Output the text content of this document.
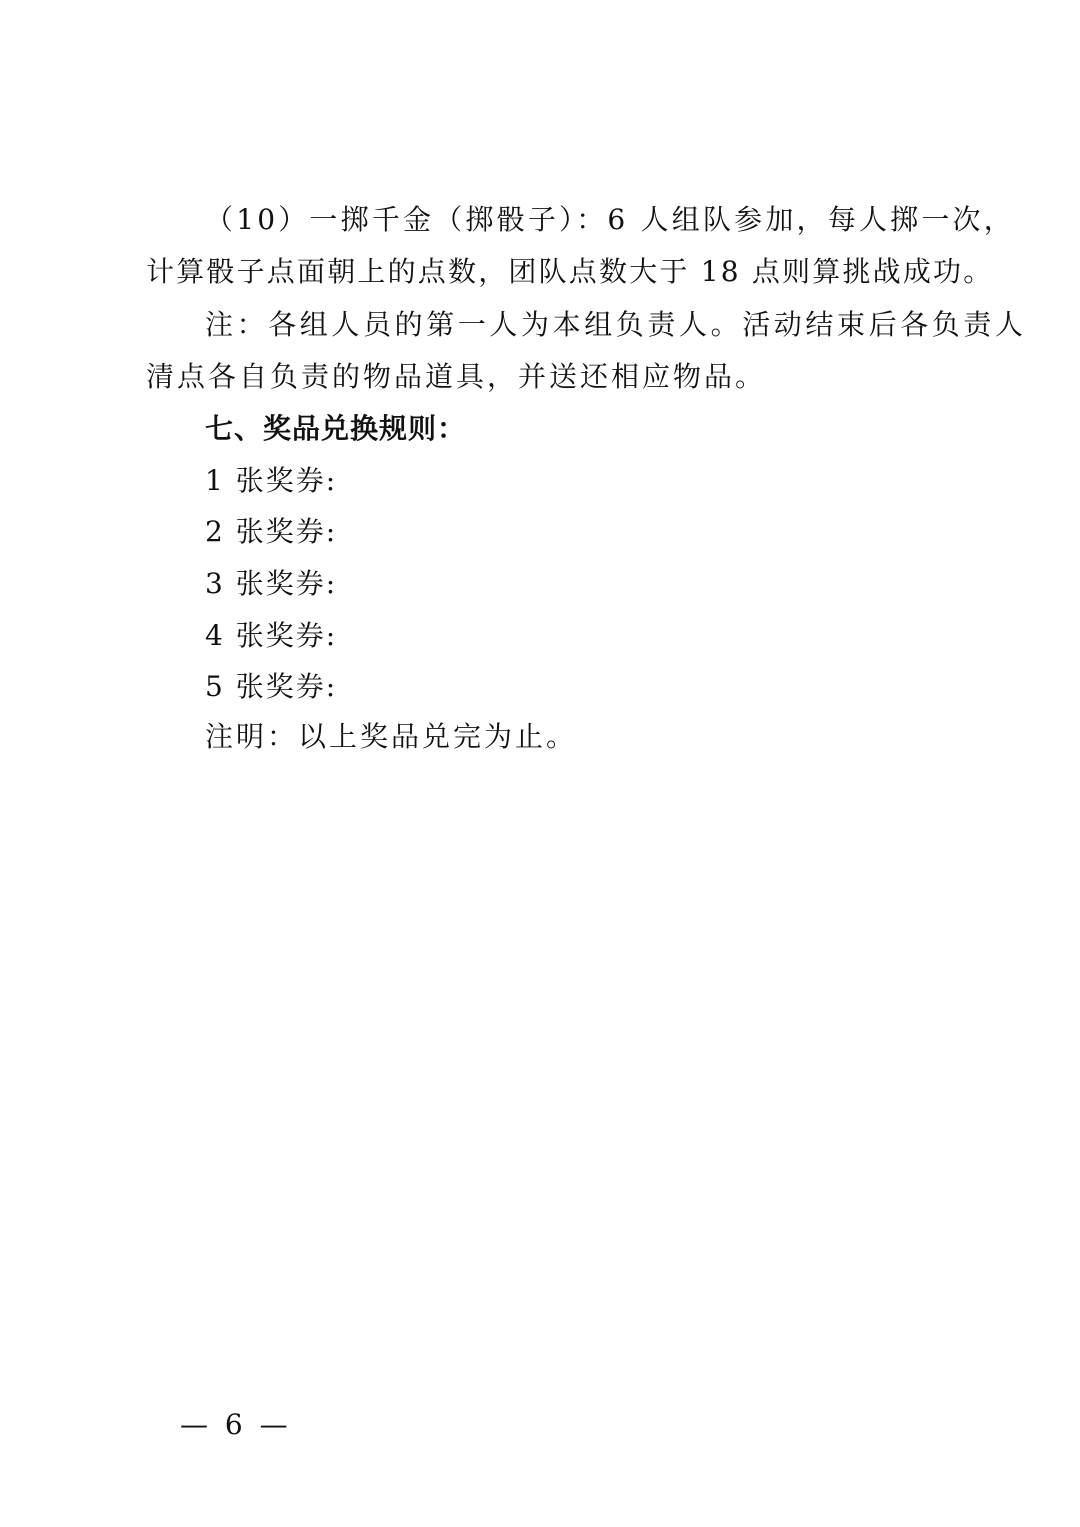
（10）一掷千金（掷骰子）：6 人组队参加，每人掷一次，
计算骰子点面朝上的点数，团队点数大于 18 点则算挑战成功。
注：各组人员的第一人为本组负责人。活动结束后各负责人
清点各自负责的物品道具，并送还相应物品。
七、奖品兑换规则：
1 张奖券:
2 张奖券:
3 张奖券:
4 张奖券:
5 张奖券:
注明：以上奖品兑完为止。
— 6 —
